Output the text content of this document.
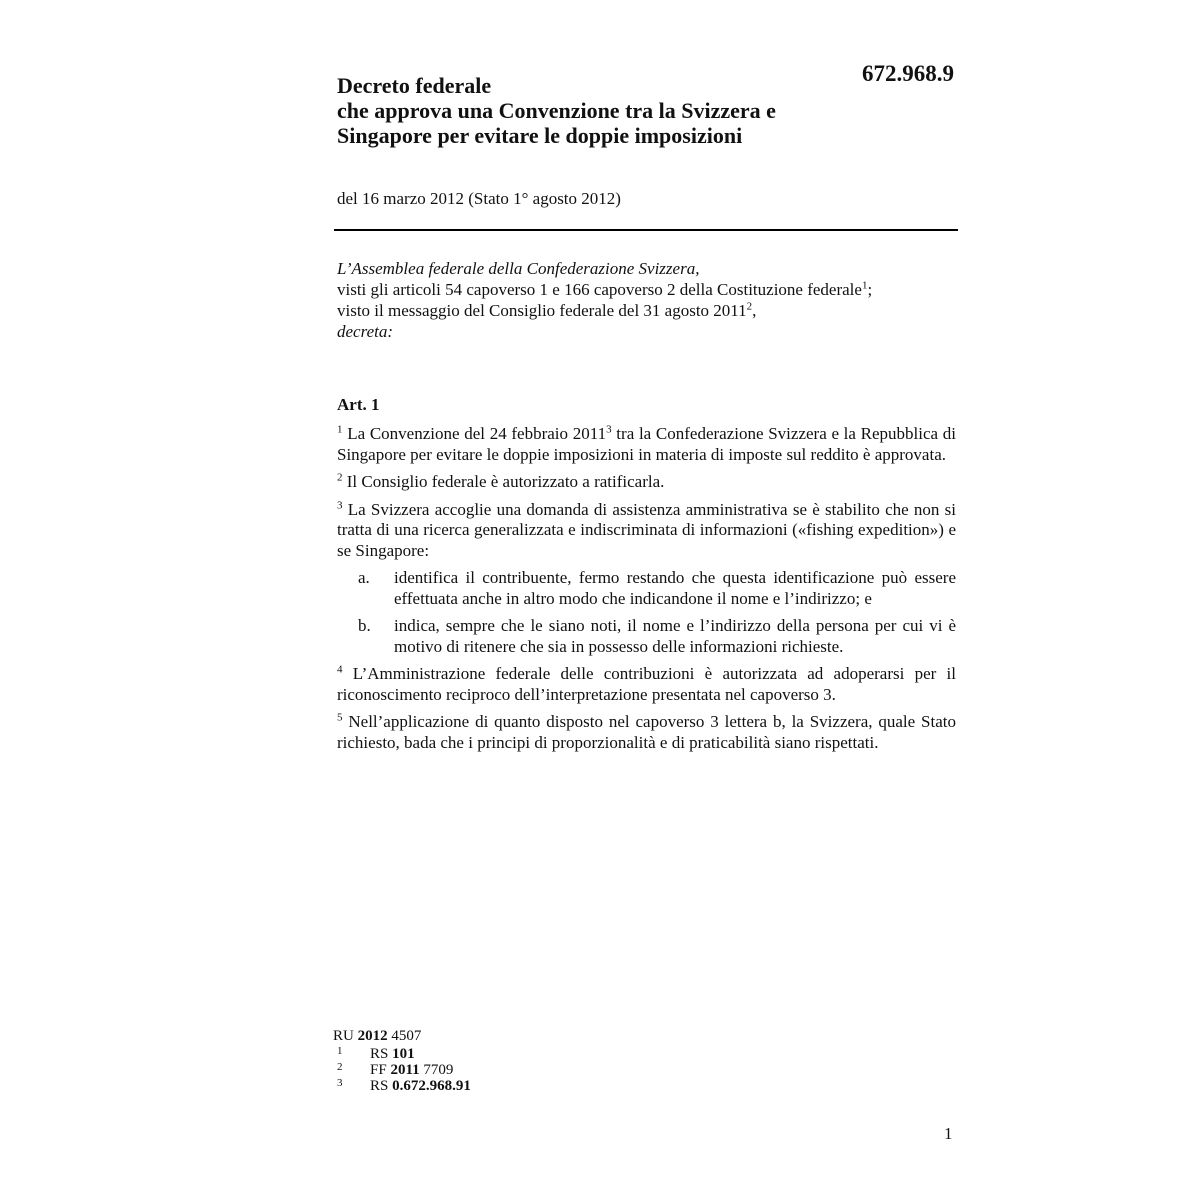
672.968.9
Decreto federale
che approva una Convenzione tra la Svizzera e
Singapore per evitare le doppie imposizioni
del 16 marzo 2012 (Stato 1° agosto 2012)
L’Assemblea federale della Confederazione Svizzera,
visti gli articoli 54 capoverso 1 e 166 capoverso 2 della Costituzione federale$^1$;
visto il messaggio del Consiglio federale del 31 agosto 2011$^2$,
decreta:
Art. 1

$^1$ La Convenzione del 24 febbraio 2011$^3$ tra la Confederazione Svizzera e la Repubblica di Singapore per evitare le doppie imposizioni in materia di imposte sul reddito è approvata.

$^2$ Il Consiglio federale è autorizzato a ratificarla.

$^3$ La Svizzera accoglie una domanda di assistenza amministrativa se è stabilito che non si tratta di una ricerca generalizzata e indiscriminata di informazioni («fishing expedition») e se Singapore:

a.	identifica il contribuente, fermo restando che questa identificazione può essere effettuata anche in altro modo che indicandone il nome e l’indirizzo; e
b.	indica, sempre che le siano noti, il nome e l’indirizzo della persona per cui vi è motivo di ritenere che sia in possesso delle informazioni richieste.

$^4$ L’Amministrazione federale delle contribuzioni è autorizzata ad adoperarsi per il riconoscimento reciproco dell’interpretazione presentata nel capoverso 3.

$^5$ Nell’applicazione di quanto disposto nel capoverso 3 lettera b, la Svizzera, quale Stato richiesto, bada che i principi di proporzionalità e di praticabilità siano rispettati.

RU 2012 4507
1	RS 101
2	FF 2011 7709
3	RS 0.672.968.91
1
